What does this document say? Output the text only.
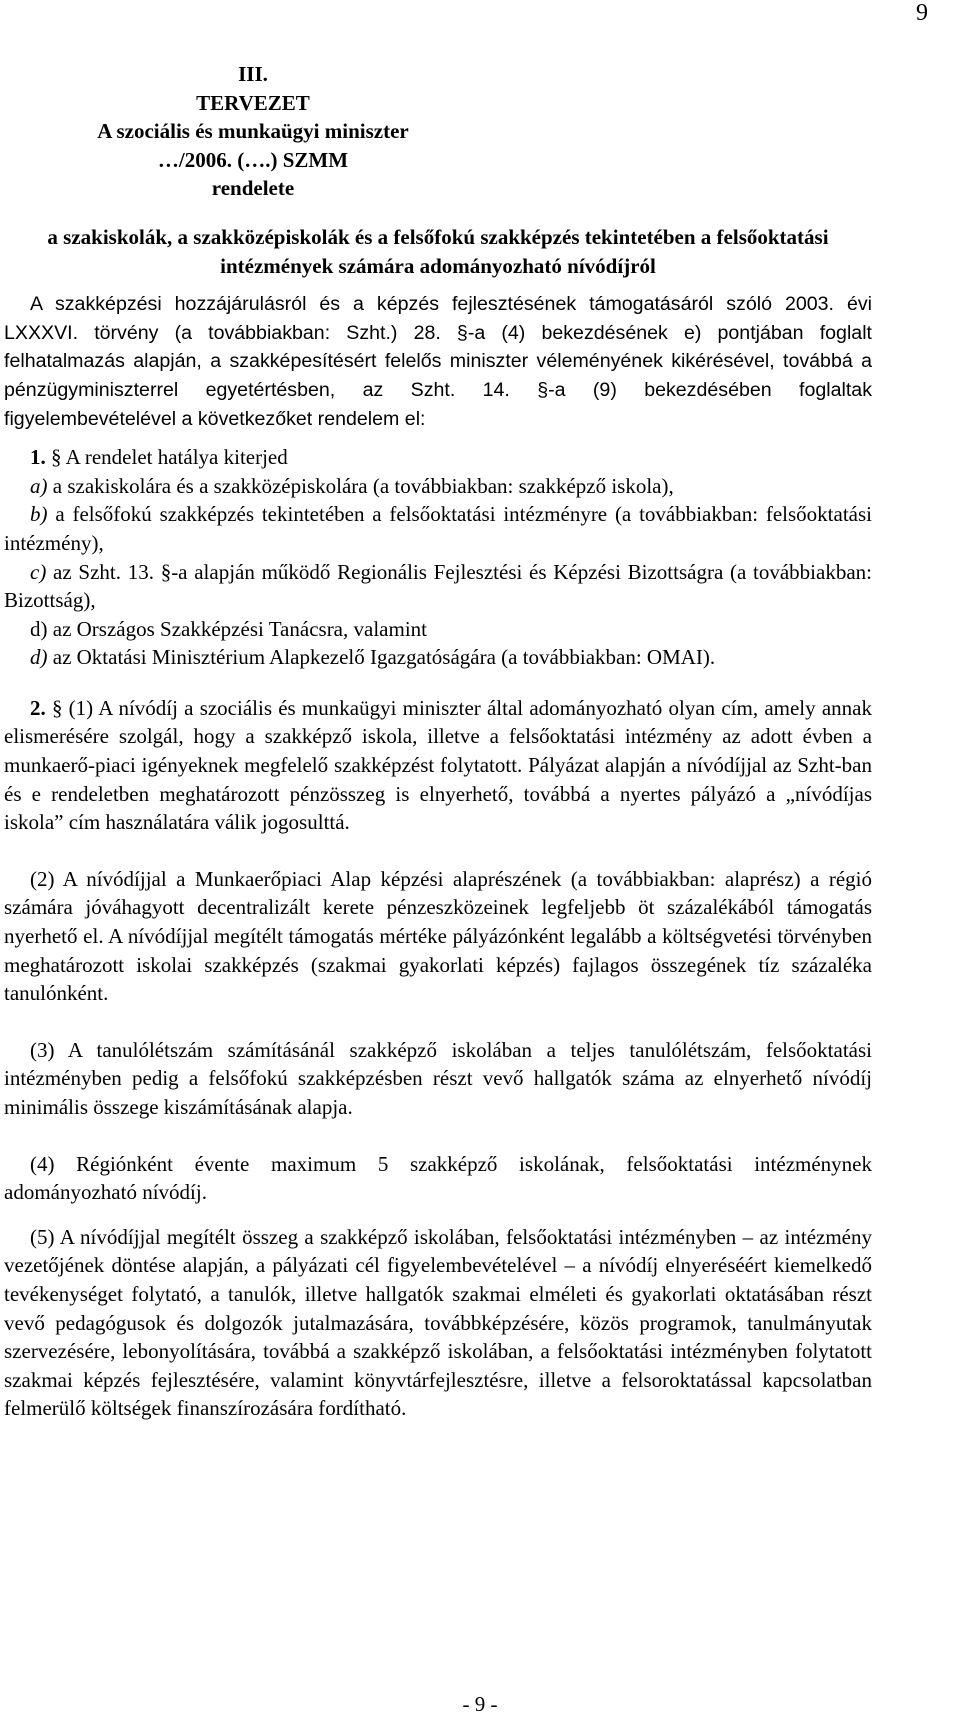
9
III.
TERVEZET
A szociális és munkaügyi miniszter
…/2006. (….) SZMM
rendelete
a szakiskolák, a szakközépiskolák és a felsőfokú szakképzés tekintetében a felsőoktatási
intézmények számára adományozható nívódíjról

A szakképzési hozzájárulásról és a képzés fejlesztésének támogatásáról szóló 2003. évi LXXXVI. törvény (a továbbiakban: Szht.) 28. §-a (4) bekezdésének e) pontjában foglalt felhatalmazás alapján, a szakképesítésért felelős miniszter véleményének kikérésével, továbbá a pénzügyminiszterrel egyetértésben, az Szht. 14. §-a (9) bekezdésében foglaltak figyelembevételével a következőket rendelem el:

1. § A rendelet hatálya kiterjed

a) a szakiskolára és a szakközépiskolára (a továbbiakban: szakképző iskola),

b) a felsőfokú szakképzés tekintetében a felsőoktatási intézményre (a továbbiakban: felsőoktatási intézmény),

c) az Szht. 13. §-a alapján működő Regionális Fejlesztési és Képzési Bizottságra (a továbbiakban: Bizottság),

d) az Országos Szakképzési Tanácsra, valamint

d) az Oktatási Minisztérium Alapkezelő Igazgatóságára (a továbbiakban: OMAI).

2. § (1) A nívódíj a szociális és munkaügyi miniszter által adományozható olyan cím, amely annak elismerésére szolgál, hogy a szakképző iskola, illetve a felsőoktatási intézmény az adott évben a munkaerő-piaci igényeknek megfelelő szakképzést folytatott. Pályázat alapján a nívódíjjal az Szht-ban és e rendeletben meghatározott pénzösszeg is elnyerhető, továbbá a nyertes pályázó a „nívódíjas iskola” cím használatára válik jogosulttá.

(2) A nívódíjjal a Munkaerőpiaci Alap képzési alaprészének (a továbbiakban: alaprész) a régió számára jóváhagyott decentralizált kerete pénzeszközeinek legfeljebb öt százalékából támogatás nyerhető el. A nívódíjjal megítélt támogatás mértéke pályázónként legalább a költségvetési törvényben meghatározott iskolai szakképzés (szakmai gyakorlati képzés) fajlagos összegének tíz százaléka tanulónként.

(3) A tanulólétszám számításánál szakképző iskolában a teljes tanulólétszám, felsőoktatási intézményben pedig a felsőfokú szakképzésben részt vevő hallgatók száma az elnyerhető nívódíj minimális összege kiszámításának alapja.

(4) Régiónként évente maximum 5 szakképző iskolának, felsőoktatási intézménynek adományozható nívódíj.

(5) A nívódíjjal megítélt összeg a szakképző iskolában, felsőoktatási intézményben – az intézmény vezetőjének döntése alapján, a pályázati cél figyelembevételével – a nívódíj elnyeréséért kiemelkedő tevékenységet folytató, a tanulók, illetve hallgatók szakmai elméleti és gyakorlati oktatásában részt vevő pedagógusok és dolgozók jutalmazására, továbbképzésére, közös programok, tanulmányutak szervezésére, lebonyolítására, továbbá a szakképző iskolában, a felsőoktatási intézményben folytatott szakmai képzés fejlesztésére, valamint könyvtárfejlesztésre, illetve a felsoroktatással kapcsolatban felmerülő költségek finanszírozására fordítható.

- 9 -
